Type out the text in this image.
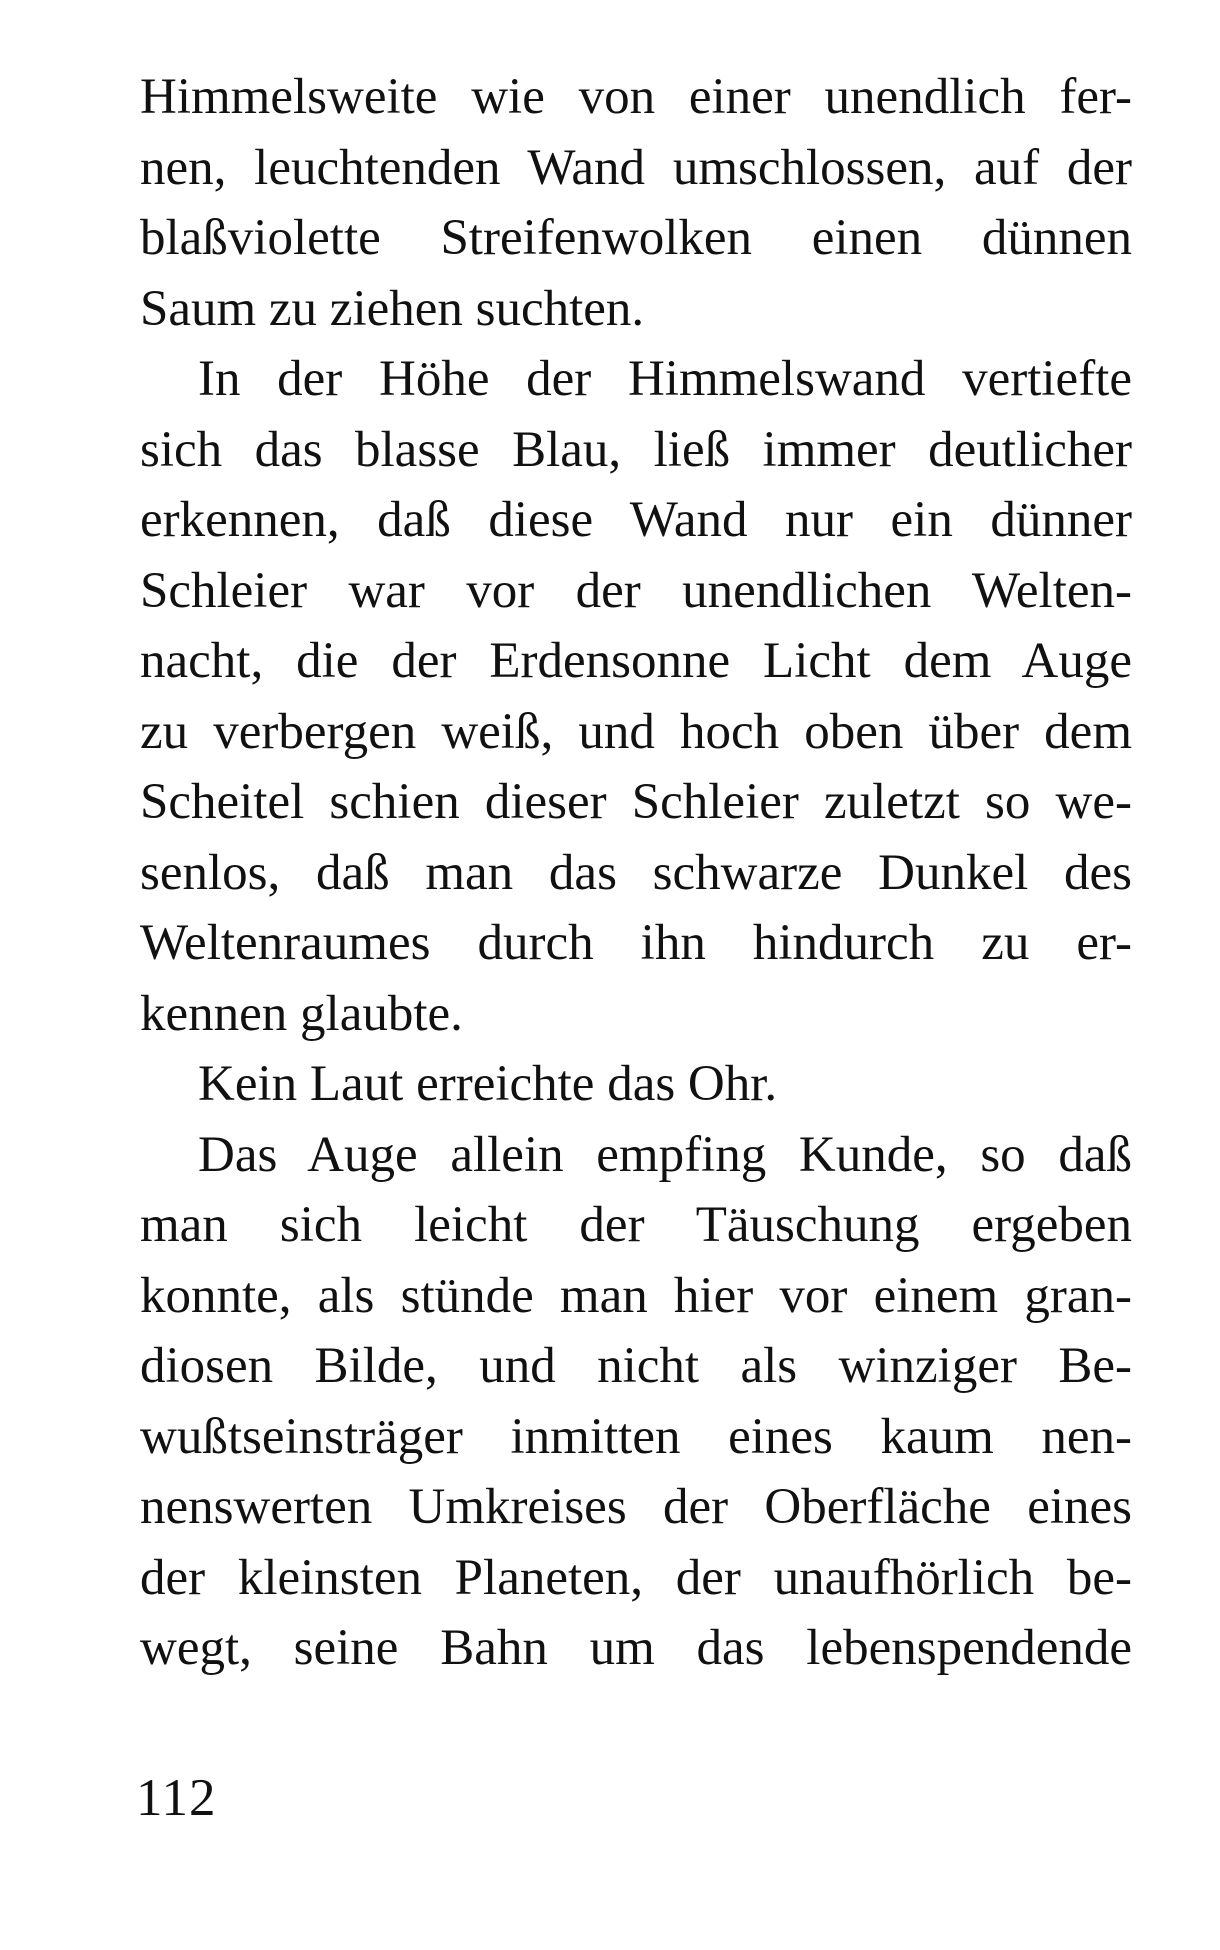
Himmelsweite wie von einer unendlich fer-
nen, leuchtenden Wand umschlossen, auf der
blaßviolette Streifenwolken einen dünnen
Saum zu ziehen suchten.
In der Höhe der Himmelswand vertiefte
sich das blasse Blau, ließ immer deutlicher
erkennen, daß diese Wand nur ein dünner
Schleier war vor der unendlichen Welten-
nacht, die der Erdensonne Licht dem Auge
zu verbergen weiß, und hoch oben über dem
Scheitel schien dieser Schleier zuletzt so we-
senlos, daß man das schwarze Dunkel des
Weltenraumes durch ihn hindurch zu er-
kennen glaubte.
Kein Laut erreichte das Ohr.
Das Auge allein empfing Kunde, so daß
man sich leicht der Täuschung ergeben
konnte, als stünde man hier vor einem gran-
diosen Bilde, und nicht als winziger Be-
wußtseinsträger inmitten eines kaum nen-
nenswerten Umkreises der Oberfläche eines
der kleinsten Planeten, der unaufhörlich be-
wegt, seine Bahn um das lebenspendende
112
